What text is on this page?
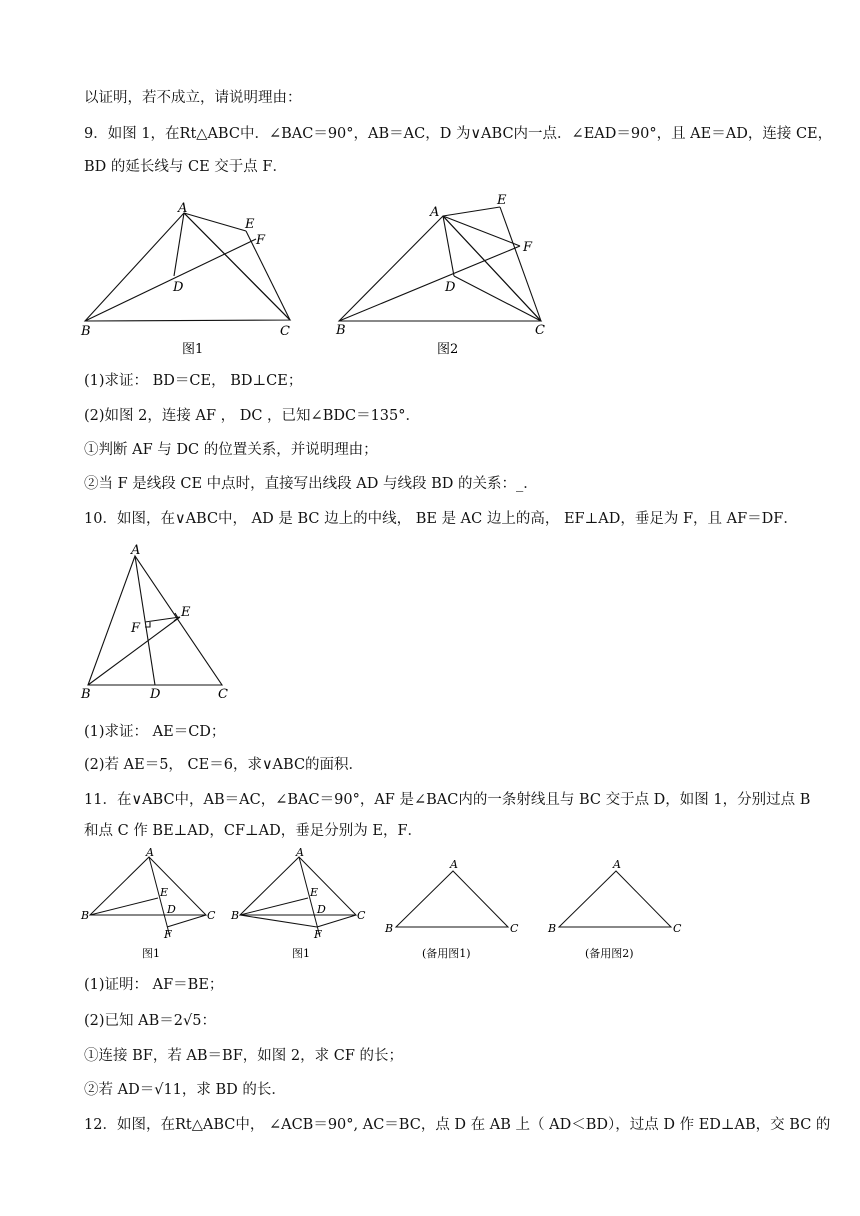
以证明，若不成立，请说明理由：
9．如图 1，在Rt△ABC中．∠BAC＝90°，AB＝AC，D 为∨ABC内一点．∠EAD＝90°，且 AE＝AD，连接 CE，
BD 的延长线与 CE 交于点 F．
A
B	C
D
E
F
图1
A
B	C
D
E
F
图2
(1)求证： BD＝CE， BD⊥CE；
(2)如图 2，连接 AF ， DC ，已知∠BDC＝135°．
①判断 AF 与 DC 的位置关系，并说明理由；
②当 F 是线段 CE 中点时，直接写出线段 AD 与线段 BD 的关系：_．
10．如图，在∨ABC中， AD 是 BC 边上的中线， BE 是 AC 边上的高， EF⊥AD，垂足为 F，且 AF＝DF．
A
B	C
D
E
F
(1)求证： AE＝CD；
(2)若 AE＝5， CE＝6，求∨ABC的面积．
11．在∨ABC中，AB＝AC，∠BAC＝90°，AF 是∠BAC内的一条射线且与 BC 交于点 D，如图 1，分别过点 B
和点 C 作 BE⊥AD，CF⊥AD，垂足分别为 E，F．
A
B	C
D
E
F
图1
A
B	C
D
E
F
图1
A
B	C
(备用图1)
A
B	C
(备用图2)
(1)证明： AF＝BE；
(2)已知 AB＝2√5：
①连接 BF，若 AB＝BF，如图 2，求 CF 的长；
②若 AD＝√11，求 BD 的长．
12．如图，在Rt△ABC中， ∠ACB＝90°, AC＝BC，点 D 在 AB 上（ AD＜BD），过点 D 作 ED⊥AB，交 BC 的
